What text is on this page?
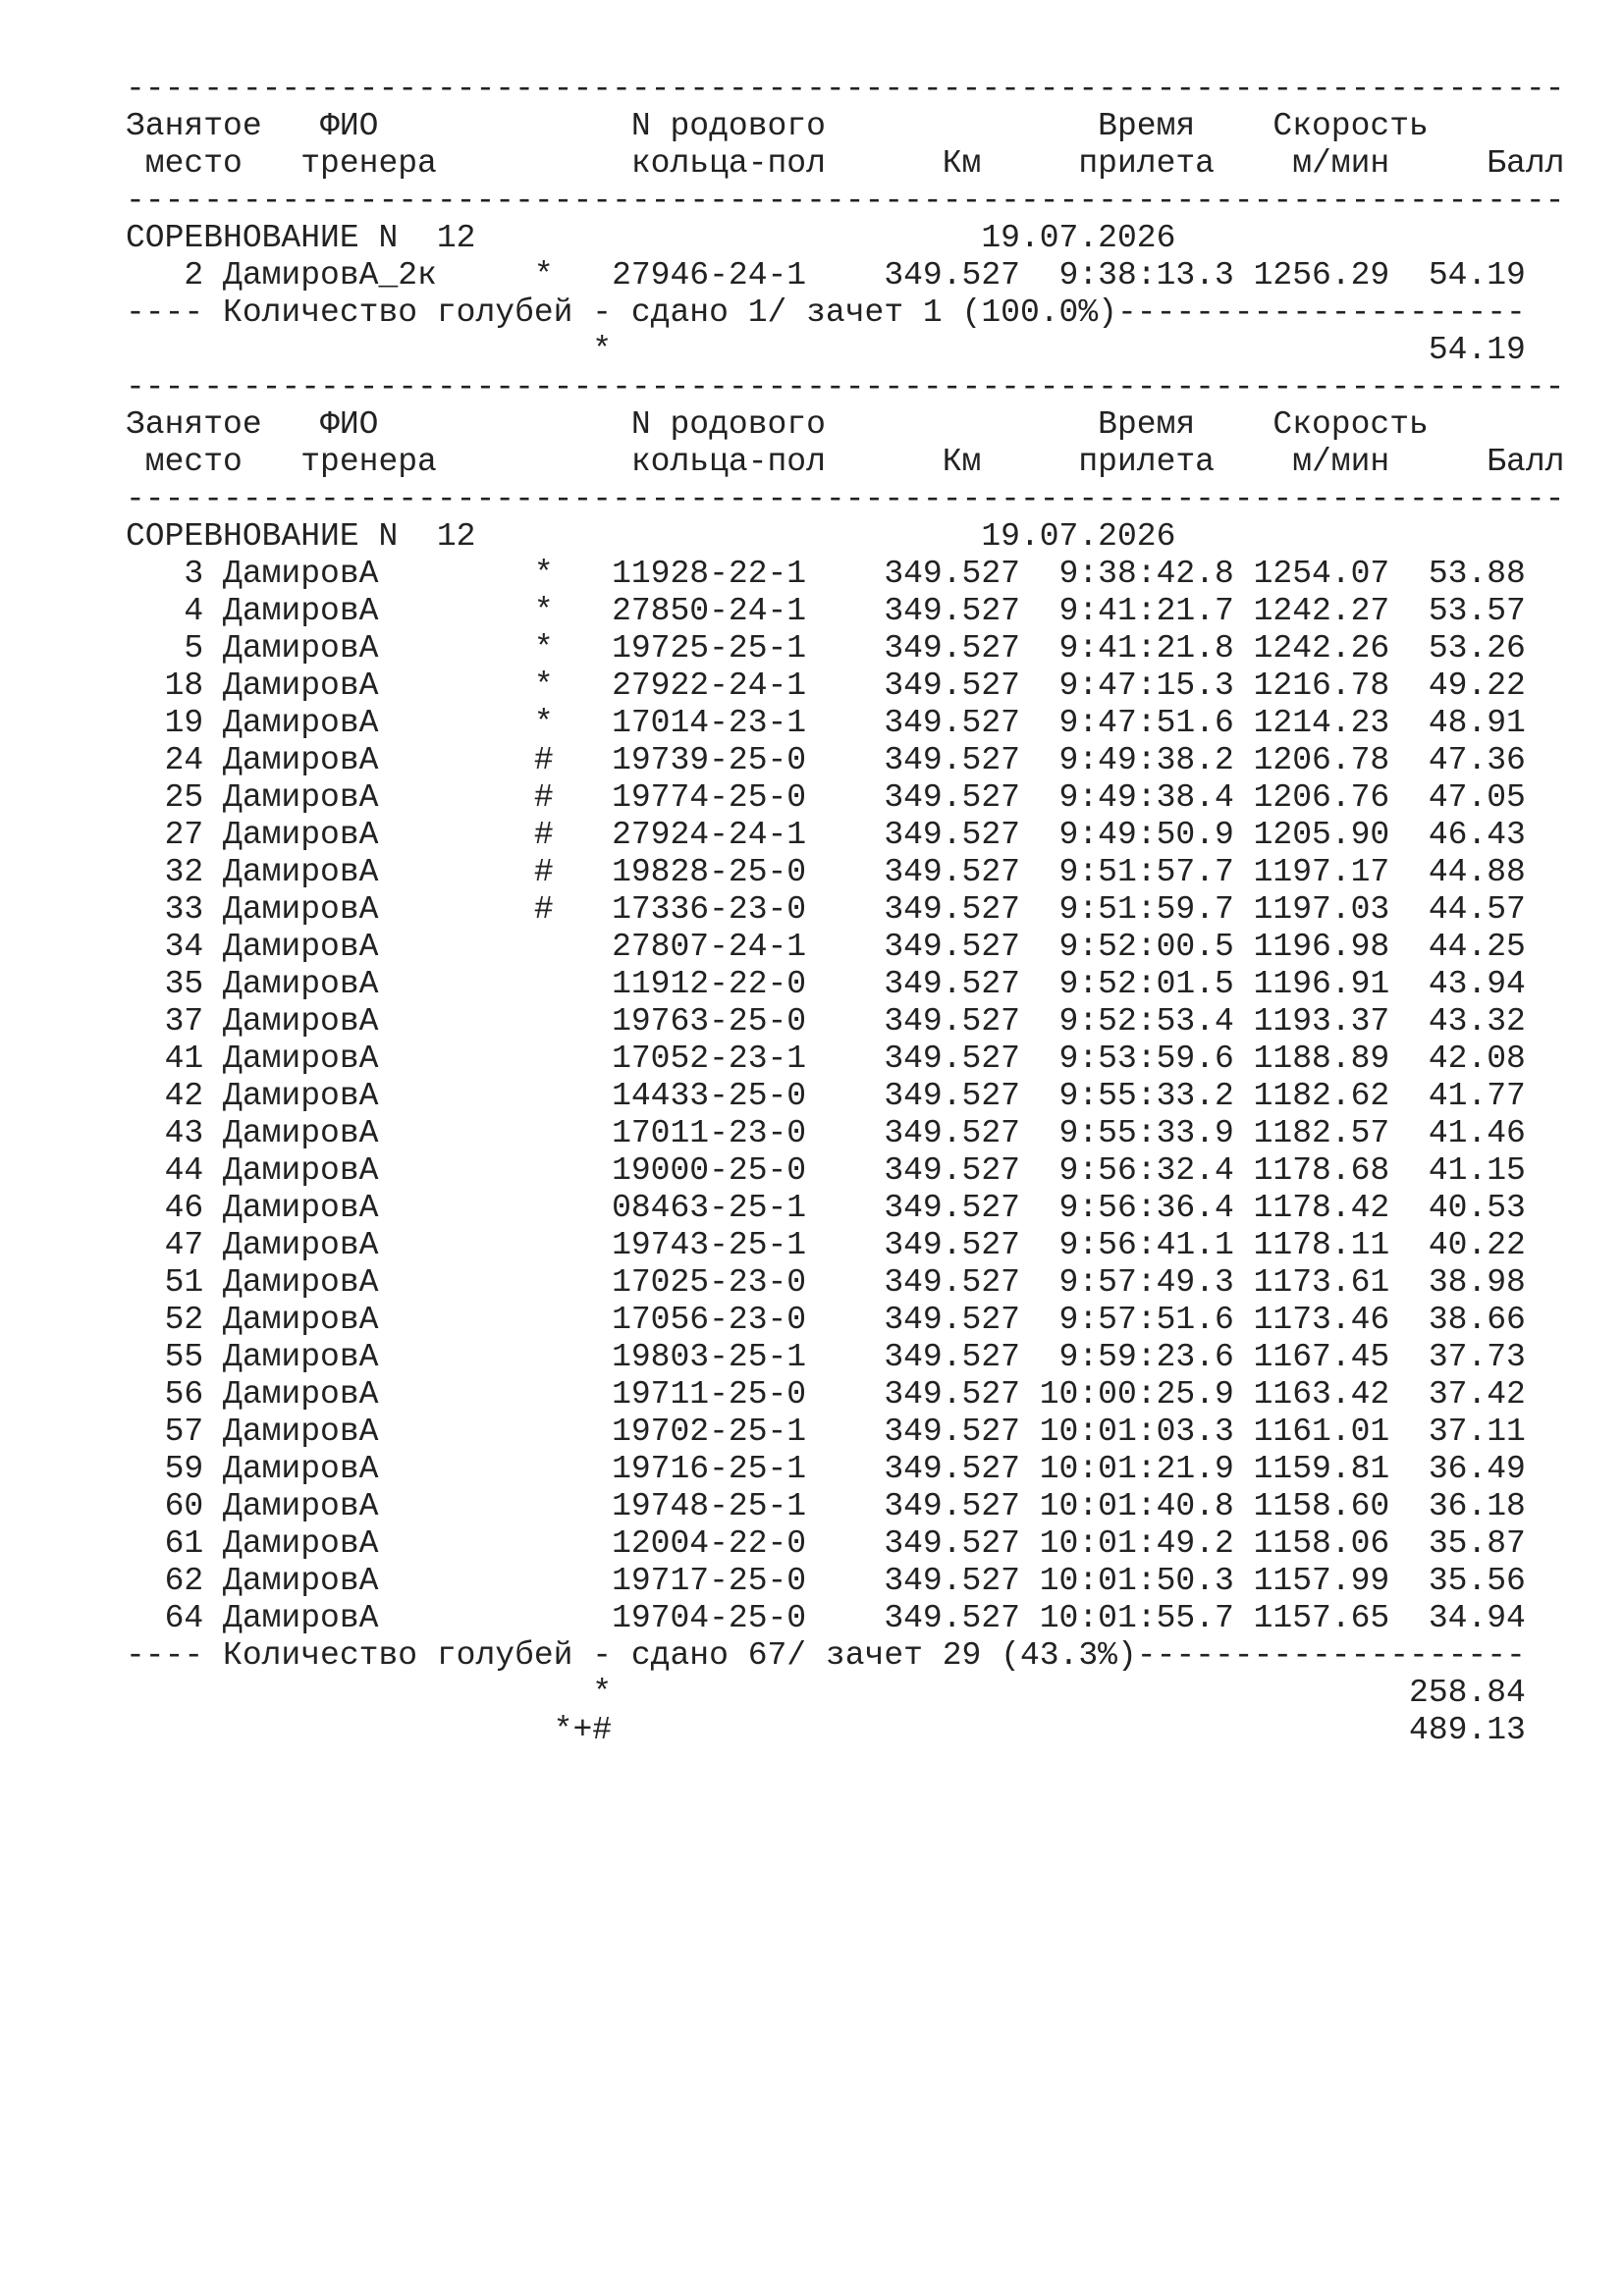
--------------------------------------------------------------------------
Занятое   ФИО             N родового              Время    Скорость
место   тренера          кольца-пол      Км     прилета    м/мин     Балл
--------------------------------------------------------------------------
СОРЕВНОВАНИЕ N  12                          19.07.2026
2 ДамировА_2к     *   27946-24-1    349.527  9:38:13.3 1256.29  54.19
---- Количество голубей - сдано 1/ зачет 1 (100.0%)---------------------
*                                          54.19
--------------------------------------------------------------------------
Занятое   ФИО             N родового              Время    Скорость
место   тренера          кольца-пол      Км     прилета    м/мин     Балл
--------------------------------------------------------------------------
СОРЕВНОВАНИЕ N  12                          19.07.2026
3 ДамировА        *   11928-22-1    349.527  9:38:42.8 1254.07  53.88
4 ДамировА        *   27850-24-1    349.527  9:41:21.7 1242.27  53.57
5 ДамировА        *   19725-25-1    349.527  9:41:21.8 1242.26  53.26
18 ДамировА        *   27922-24-1    349.527  9:47:15.3 1216.78  49.22
19 ДамировА        *   17014-23-1    349.527  9:47:51.6 1214.23  48.91
24 ДамировА        #   19739-25-0    349.527  9:49:38.2 1206.78  47.36
25 ДамировА        #   19774-25-0    349.527  9:49:38.4 1206.76  47.05
27 ДамировА        #   27924-24-1    349.527  9:49:50.9 1205.90  46.43
32 ДамировА        #   19828-25-0    349.527  9:51:57.7 1197.17  44.88
33 ДамировА        #   17336-23-0    349.527  9:51:59.7 1197.03  44.57
34 ДамировА            27807-24-1    349.527  9:52:00.5 1196.98  44.25
35 ДамировА            11912-22-0    349.527  9:52:01.5 1196.91  43.94
37 ДамировА            19763-25-0    349.527  9:52:53.4 1193.37  43.32
41 ДамировА            17052-23-1    349.527  9:53:59.6 1188.89  42.08
42 ДамировА            14433-25-0    349.527  9:55:33.2 1182.62  41.77
43 ДамировА            17011-23-0    349.527  9:55:33.9 1182.57  41.46
44 ДамировА            19000-25-0    349.527  9:56:32.4 1178.68  41.15
46 ДамировА            08463-25-1    349.527  9:56:36.4 1178.42  40.53
47 ДамировА            19743-25-1    349.527  9:56:41.1 1178.11  40.22
51 ДамировА            17025-23-0    349.527  9:57:49.3 1173.61  38.98
52 ДамировА            17056-23-0    349.527  9:57:51.6 1173.46  38.66
55 ДамировА            19803-25-1    349.527  9:59:23.6 1167.45  37.73
56 ДамировА            19711-25-0    349.527 10:00:25.9 1163.42  37.42
57 ДамировА            19702-25-1    349.527 10:01:03.3 1161.01  37.11
59 ДамировА            19716-25-1    349.527 10:01:21.9 1159.81  36.49
60 ДамировА            19748-25-1    349.527 10:01:40.8 1158.60  36.18
61 ДамировА            12004-22-0    349.527 10:01:49.2 1158.06  35.87
62 ДамировА            19717-25-0    349.527 10:01:50.3 1157.99  35.56
64 ДамировА            19704-25-0    349.527 10:01:55.7 1157.65  34.94
---- Количество голубей - сдано 67/ зачет 29 (43.3%)--------------------
*                                         258.84
*+#                                         489.13
